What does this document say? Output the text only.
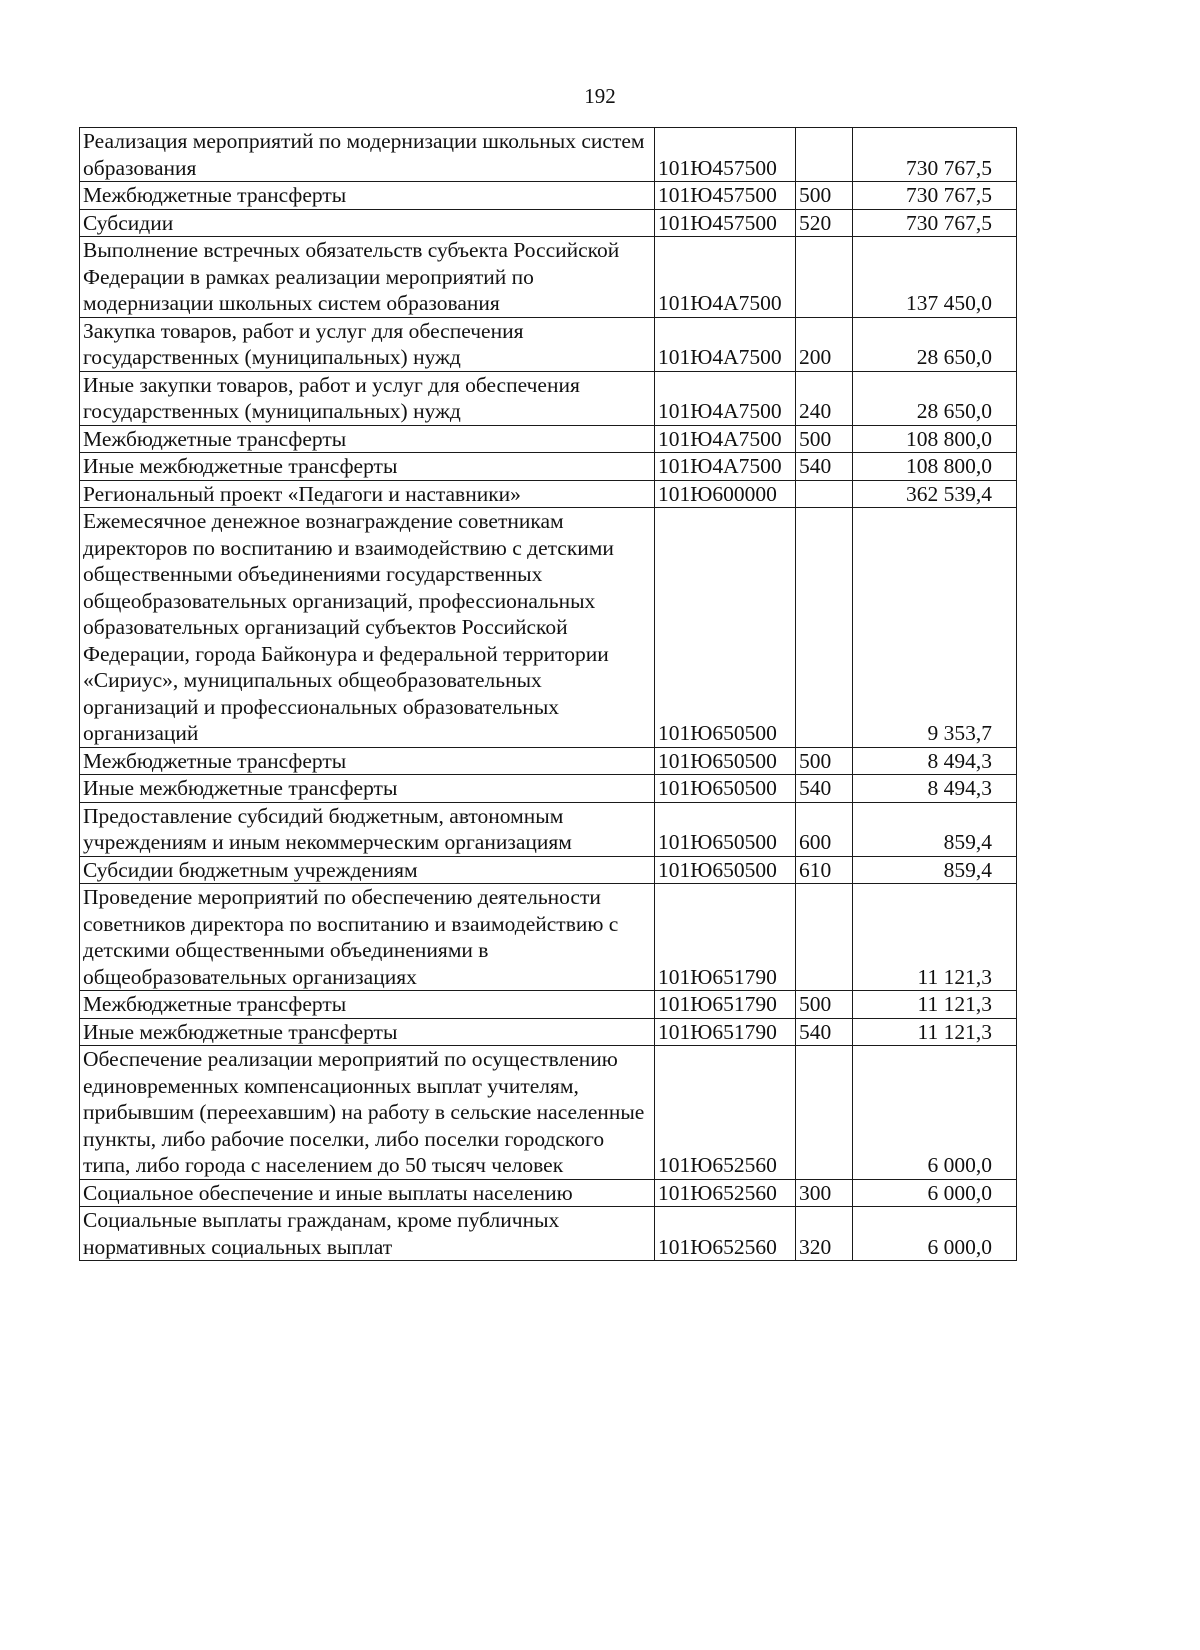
192
Реализация мероприятий по модернизации школьных систем образования	101Ю457500		730 767,5
Межбюджетные трансферты	101Ю457500	500	730 767,5
Субсидии	101Ю457500	520	730 767,5
Выполнение встречных обязательств субъекта Российской Федерации в рамках реализации мероприятий по модернизации школьных систем образования	101Ю4А7500		137 450,0
Закупка товаров, работ и услуг для обеспечения государственных (муниципальных) нужд	101Ю4А7500	200	28 650,0
Иные закупки товаров, работ и услуг для обеспечения государственных (муниципальных) нужд	101Ю4А7500	240	28 650,0
Межбюджетные трансферты	101Ю4А7500	500	108 800,0
Иные межбюджетные трансферты	101Ю4А7500	540	108 800,0
Региональный проект «Педагоги и наставники»	101Ю600000		362 539,4
Ежемесячное денежное вознаграждение советникам директоров по воспитанию и взаимодействию с детскими общественными объединениями государственных общеобразовательных организаций, профессиональных образовательных организаций субъектов Российской Федерации, города Байконура и федеральной территории «Сириус», муниципальных общеобразовательных организаций и профессиональных образовательных организаций	101Ю650500		9 353,7
Межбюджетные трансферты	101Ю650500	500	8 494,3
Иные межбюджетные трансферты	101Ю650500	540	8 494,3
Предоставление субсидий бюджетным, автономным учреждениям и иным некоммерческим организациям	101Ю650500	600	859,4
Субсидии бюджетным учреждениям	101Ю650500	610	859,4
Проведение мероприятий по обеспечению деятельности советников директора по воспитанию и взаимодействию с детскими общественными объединениями в общеобразовательных организациях	101Ю651790		11 121,3
Межбюджетные трансферты	101Ю651790	500	11 121,3
Иные межбюджетные трансферты	101Ю651790	540	11 121,3
Обеспечение реализации мероприятий по осуществлению единовременных компенсационных выплат учителям, прибывшим (переехавшим) на работу в сельские населенные пункты, либо рабочие поселки, либо поселки городского типа, либо города с населением до 50 тысяч человек	101Ю652560		6 000,0
Социальное обеспечение и иные выплаты населению	101Ю652560	300	6 000,0
Социальные выплаты гражданам, кроме публичных нормативных социальных выплат	101Ю652560	320	6 000,0
